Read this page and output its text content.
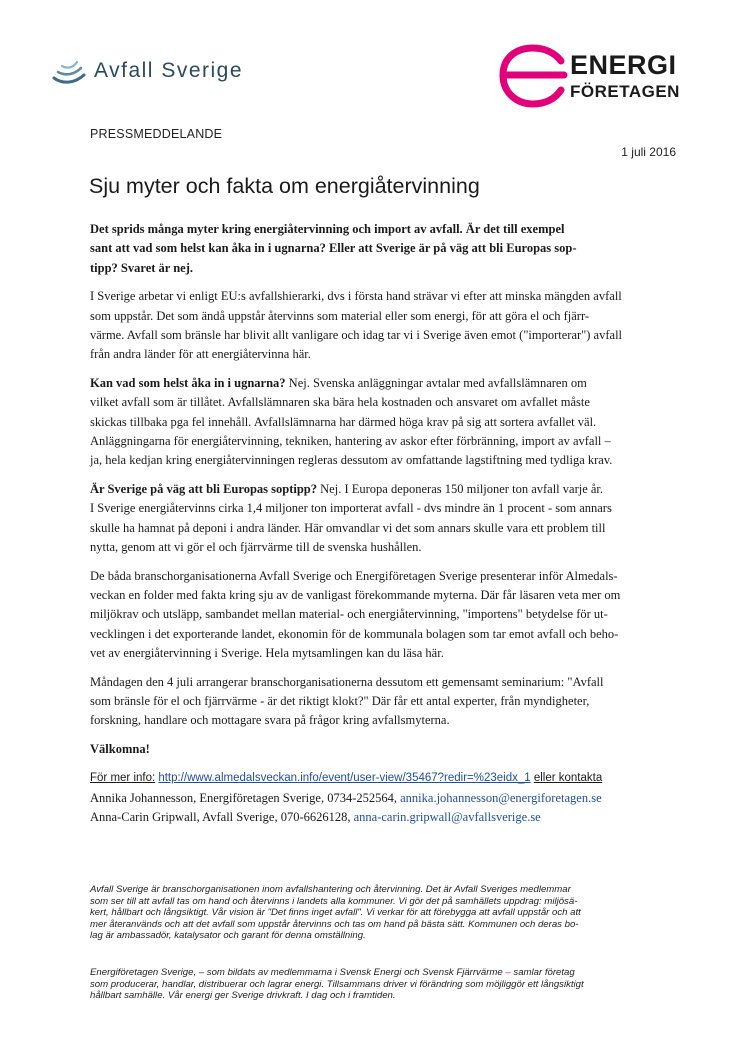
Avfall Sverige	ENERGI
FÖRETAGEN
PRESSMEDDELANDE
1 juli 2016
Sju myter och fakta om energiåtervinning

Det sprids många myter kring energiåtervinning och import av avfall. Är det till exempel
sant att vad som helst kan åka in i ugnarna? Eller att Sverige är på väg att bli Europas sop-
tipp? Svaret är nej.

I Sverige arbetar vi enligt EU:s avfallshierarki, dvs i första hand strävar vi efter att minska mängden avfall
som uppstår. Det som ändå uppstår återvinns som material eller som energi, för att göra el och fjärr-
värme. Avfall som bränsle har blivit allt vanligare och idag tar vi i Sverige även emot ("importerar") avfall
från andra länder för att energiåtervinna här.

Kan vad som helst åka in i ugnarna? Nej. Svenska anläggningar avtalar med avfallslämnaren om
vilket avfall som är tillåtet. Avfallslämnaren ska bära hela kostnaden och ansvaret om avfallet måste
skickas tillbaka pga fel innehåll. Avfallslämnarna har därmed höga krav på sig att sortera avfallet väl.
Anläggningarna för energiåtervinning, tekniken, hantering av askor efter förbränning, import av avfall –
ja, hela kedjan kring energiåtervinningen regleras dessutom av omfattande lagstiftning med tydliga krav.

Är Sverige på väg att bli Europas soptipp? Nej. I Europa deponeras 150 miljoner ton avfall varje år.
I Sverige energiåtervinns cirka 1,4 miljoner ton importerat avfall - dvs mindre än 1 procent - som annars
skulle ha hamnat på deponi i andra länder. Här omvandlar vi det som annars skulle vara ett problem till
nytta, genom att vi gör el och fjärrvärme till de svenska hushållen.

De båda branschorganisationerna Avfall Sverige och Energiföretagen Sverige presenterar inför Almedals-
veckan en folder med fakta kring sju av de vanligast förekommande myterna. Där får läsaren veta mer om
miljökrav och utsläpp, sambandet mellan material- och energiåtervinning, "importens" betydelse för ut-
vecklingen i det exporterande landet, ekonomin för de kommunala bolagen som tar emot avfall och beho-
vet av energiåtervinning i Sverige. Hela mytsamlingen kan du läsa här.

Måndagen den 4 juli arrangerar branschorganisationerna dessutom ett gemensamt seminarium: "Avfall
som bränsle för el och fjärrvärme - är det riktigt klokt?" Där får ett antal experter, från myndigheter,
forskning, handlare och mottagare svara på frågor kring avfallsmyterna.

Välkomna!

För mer info: http://www.almedalsveckan.info/event/user-view/35467?redir=%23eidx_1 eller kontakta
Annika Johannesson, Energiföretagen Sverige, 0734-252564, annika.johannesson@energiforetagen.se
Anna-Carin Gripwall, Avfall Sverige, 070-6626128, anna-carin.gripwall@avfallsverige.se

Avfall Sverige är branschorganisationen inom avfallshantering och återvinning. Det är Avfall Sveriges medlemmar
som ser till att avfall tas om hand och återvinns i landets alla kommuner. Vi gör det på samhällets uppdrag: miljösä-
kert, hållbart och långsiktigt. Vår vision är "Det finns inget avfall". Vi verkar för att förebygga att avfall uppstår och att
mer återanvänds och att det avfall som uppstår återvinns och tas om hand på bästa sätt. Kommunen och deras bo-
lag är ambassadör, katalysator och garant för denna omställning.
Energiföretagen Sverige, – som bildats av medlemmarna i Svensk Energi och Svensk Fjärrvärme – samlar företag
som producerar, handlar, distribuerar och lagrar energi. Tillsammans driver vi förändring som möjliggör ett långsiktigt
hållbart samhälle. Vår energi ger Sverige drivkraft. I dag och i framtiden.
